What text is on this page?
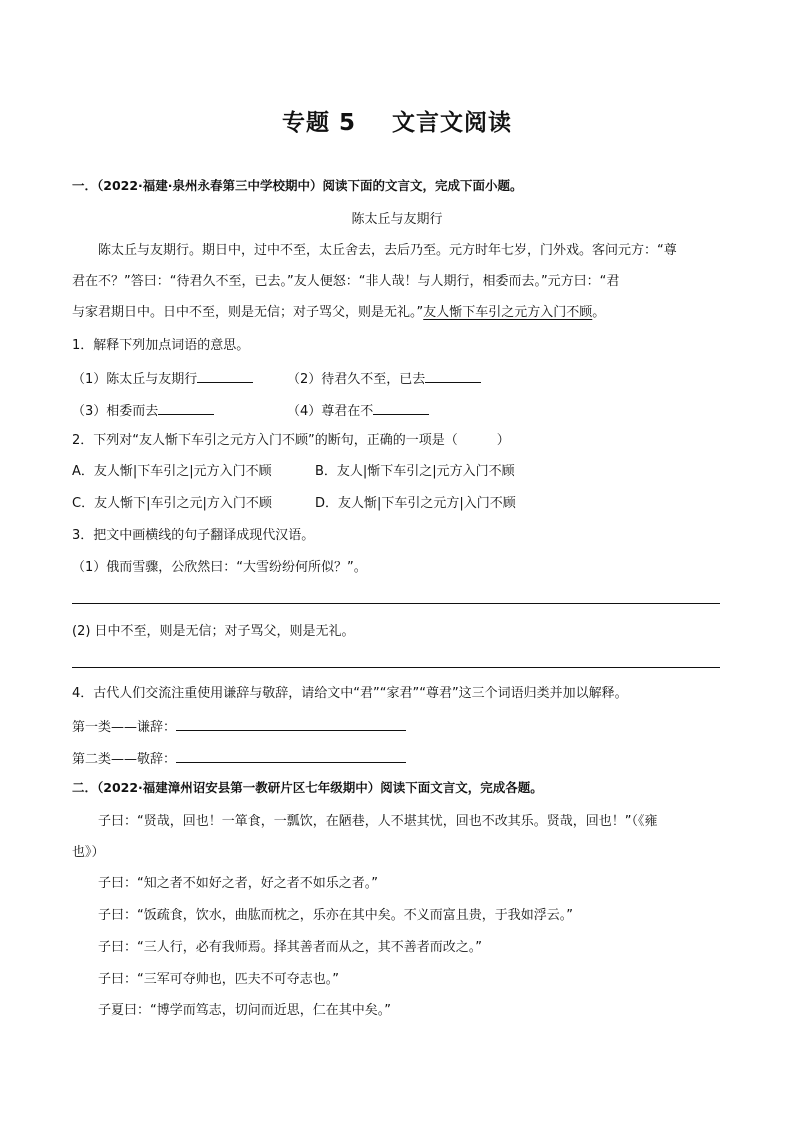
专题 5 文言文阅读
一．（2022·福建·泉州永春第三中学校期中）阅读下面的文言文，完成下面小题。
陈太丘与友期行
陈太丘与友期行。期日中，过中不至，太丘舍去，去后乃至。元方时年七岁，门外戏。客问元方：“尊
君在不？”答曰：“待君久不至，已去。”友人便怒：“非人哉！与人期行，相委而去。”元方曰：“君
与家君期日中。日中不至，则是无信；对子骂父，则是无礼。”友人惭下车引之元方入门不顾。
1．解释下列加点词语的意思。
（1）陈太丘与友期行	（2）待君久不至，已去
（3）相委而去	（4）尊君在不
2．下列对“友人惭下车引之元方入门不顾”的断句，正确的一项是（　　　）
A．友人惭|下车引之|元方入门不顾	B．友人|惭下车引之|元方入门不顾
C．友人惭下|车引之元|方入门不顾	D．友人惭|下车引之元方|入门不顾
3．把文中画横线的句子翻译成现代汉语。
（1）俄而雪骤，公欣然曰：“大雪纷纷何所似？”。
(2) 日中不至，则是无信；对子骂父，则是无礼。
4．古代人们交流注重使用谦辞与敬辞，请给文中“君”“家君”“尊君”这三个词语归类并加以解释。
第一类——谦辞：
第二类——敬辞：
二．（2022·福建漳州诏安县第一教研片区七年级期中）阅读下面文言文，完成各题。
子曰：“贤哉，回也！一箪食，一瓢饮，在陋巷，人不堪其忧，回也不改其乐。贤哉，回也！”（《雍
也》）
子曰：“知之者不如好之者，好之者不如乐之者。”
子曰：“饭疏食，饮水，曲肱而枕之，乐亦在其中矣。不义而富且贵，于我如浮云。”
子曰：“三人行，必有我师焉。择其善者而从之，其不善者而改之。”
子曰：“三军可夺帅也，匹夫不可夺志也。”
子夏曰：“博学而笃志，切问而近思，仁在其中矣。”
